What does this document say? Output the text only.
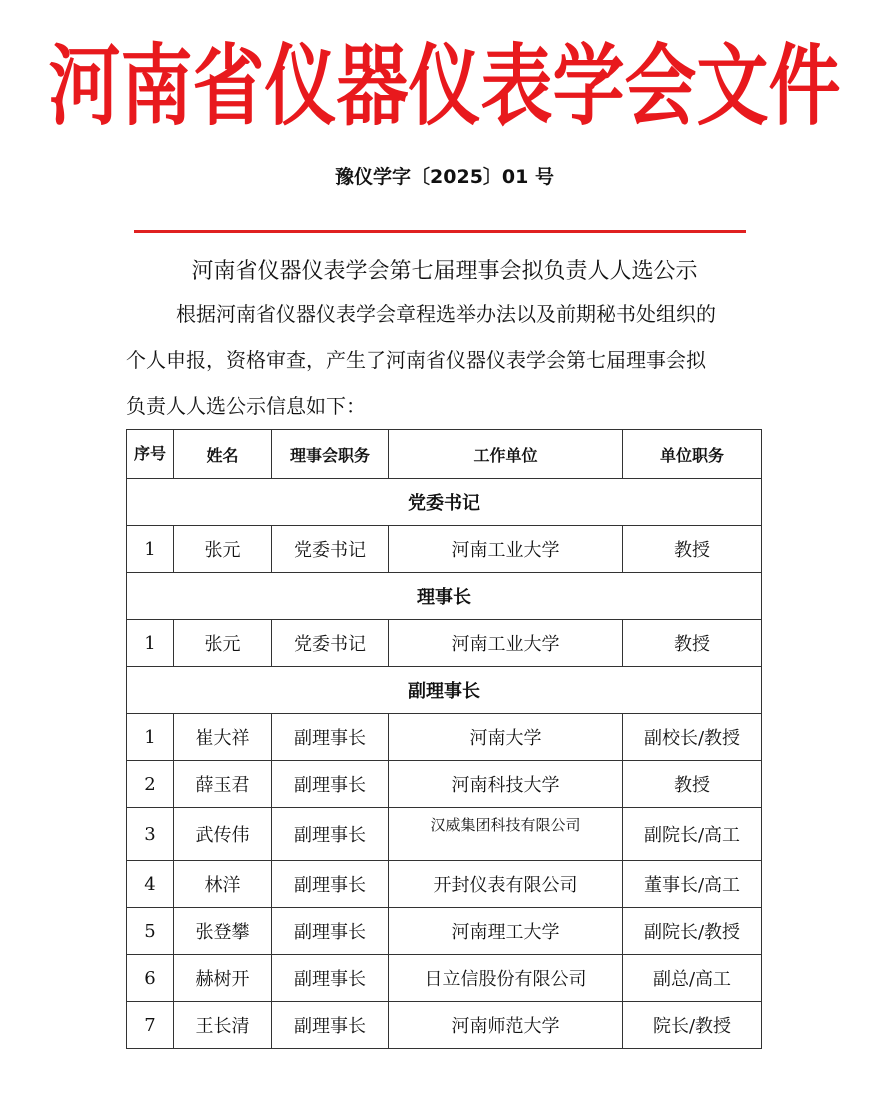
河南省仪器仪表学会文件
豫仪学字〔2025〕01 号
河南省仪器仪表学会第七届理事会拟负责人人选公示

根据河南省仪器仪表学会章程选举办法以及前期秘书处组织的
个人申报，资格审查，产生了河南省仪器仪表学会第七届理事会拟
负责人人选公示信息如下：

序号	姓名	理事会职务	工作单位	单位职务
党委书记				
1	张元	党委书记	河南工业大学	教授
理事长				
1	张元	党委书记	河南工业大学	教授
副理事长				
1	崔大祥	副理事长	河南大学	副校长/教授
2	薛玉君	副理事长	河南科技大学	教授
3	武传伟	副理事长	汉威集团科技有限公司	副院长/高工
4	林洋	副理事长	开封仪表有限公司	董事长/高工
5	张登攀	副理事长	河南理工大学	副院长/教授
6	赫树开	副理事长	日立信股份有限公司	副总/高工
7	王长清	副理事长	河南师范大学	院长/教授
